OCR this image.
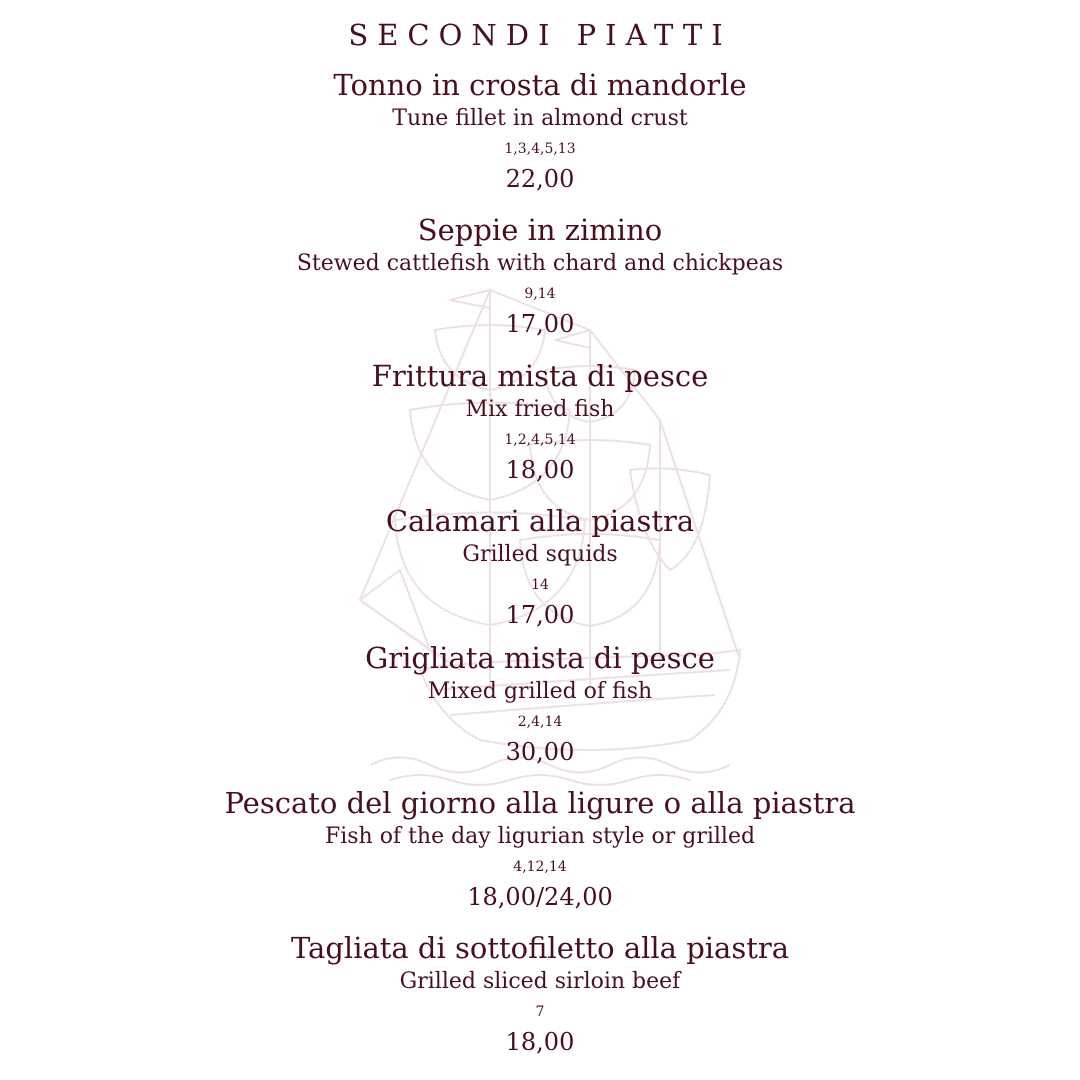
SECONDI PIATTI
Tonno in crosta di mandorle
Tune fillet in almond crust
1,3,4,5,13
22,00
Seppie in zimino
Stewed cattlefish with chard and chickpeas
9,14
17,00
Frittura mista di pesce
Mix fried fish
1,2,4,5,14
18,00
Calamari alla piastra
Grilled squids
14
17,00
Grigliata mista di pesce
Mixed grilled of fish
2,4,14
30,00
Pescato del giorno alla ligure o alla piastra
Fish of the day ligurian style or grilled
4,12,14
18,00/24,00
Tagliata di sottofiletto alla piastra
Grilled sliced sirloin beef
7
18,00
